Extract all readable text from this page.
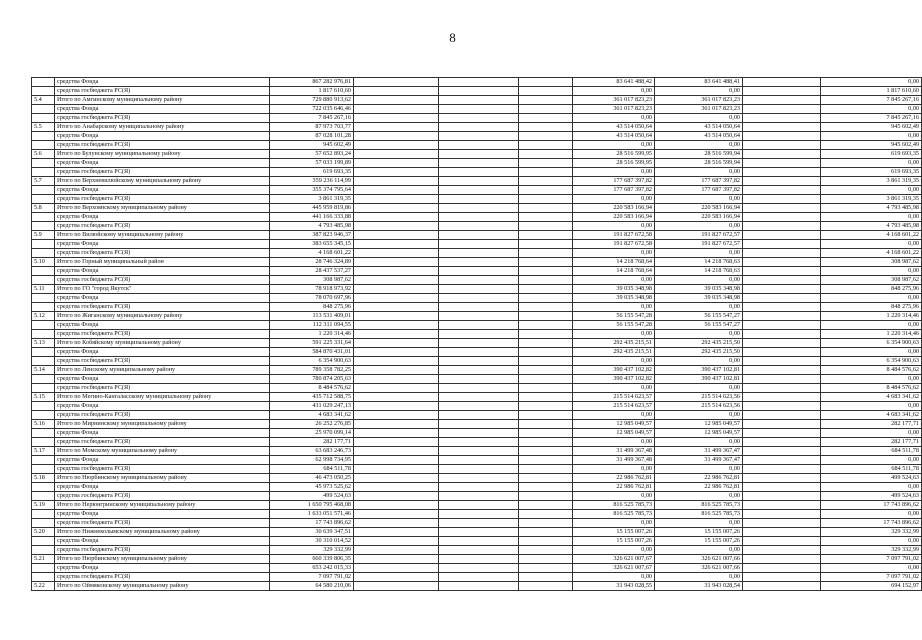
8
	средства Фонда	867 282 976,81				83 641 488,42	83 641 488,41		0,00
	средства госбюджета РС(Я)	1 817 610,60				0,00	0,00		1 817 610,60
5.4	Итого по Амгинскому муниципальному району	729 880 913,62				361 017 823,23	361 017 823,23		7 845 267,16
	средства Фонда	722 035 646,46				361 017 823,23	361 017 823,23		0,00
	средства госбюджета РС(Я)	7 845 267,16				0,00	0,00		7 845 267,16
5.5	Итого по Анабарскому муниципальному району	87 973 703,77				43 514 050,64	43 514 050,64		945 602,49
	средства Фонда	87 028 101,28				43 514 050,64	43 514 050,64		0,00
	средства госбюджета РС(Я)	945 602,49				0,00	0,00		945 602,49
5.6	Итого по Булунскому муниципальному району	57 652 893,24				28 516 599,95	28 516 599,94		619 693,35
	средства Фонда	57 033 199,89				28 516 599,95	28 516 599,94		0,00
	средства госбюджета РС(Я)	619 693,35				0,00	0,00		619 693,35
5.7	Итого по Верхневилюйскому муниципальному району	359 236 114,99				177 687 397,82	177 687 397,82		3 861 319,35
	средства Фонда	355 374 795,64				177 687 397,82	177 687 397,82		0,00
	средства госбюджета РС(Я)	3 861 319,35				0,00	0,00		3 861 319,35
5.8	Итого по Верхоянскому муниципальному району	445 959 819,86				220 583 166,94	220 583 166,94		4 793 485,98
	средства Фонда	441 166 333,88				220 583 166,94	220 583 166,94		0,00
	средства госбюджета РС(Я)	4 793 485,98				0,00	0,00		4 793 485,98
5.9	Итого по Вилюйскому муниципальному району	387 823 946,37				191 827 672,58	191 827 672,57		4 168 601,22
	средства Фонда	383 655 345,15				191 827 672,58	191 827 672,57		0,00
	средства госбюджета РС(Я)	4 168 601,22				0,00	0,00		4 168 601,22
5.10	Итого по Горный муниципальный район	28 746 324,89				14 218 768,64	14 218 768,63		308 987,62
	средства Фонда	28 437 537,27				14 218 768,64	14 218 768,63		0,00
	средства госбюджета РС(Я)	308 987,62				0,00	0,00		308 987,62
5.11	Итого по ГО "город Якутск"	78 918 973,92				39 035 348,98	39 035 348,98		848 275,96
	средства Фонда	78 070 697,96				39 035 348,98	39 035 348,98		0,00
	средства госбюджета РС(Я)	848 275,96				0,00	0,00		848 275,96
5.12	Итого по Жиганскому муниципальному району	113 531 409,01				56 155 547,28	56 155 547,27		1 220 314,46
	средства Фонда	112 311 094,55				56 155 547,28	56 155 547,27		0,00
	средства госбюджета РС(Я)	1 220 314,46				0,00	0,00		1 220 314,46
5.13	Итого по Кобяйскому муниципальному району	591 225 331,64				292 435 215,51	292 435 215,50		6 354 900,63
	средства Фонда	584 870 431,01				292 435 215,51	292 435 215,50		0,00
	средства госбюджета РС(Я)	6 354 900,63				0,00	0,00		6 354 900,63
5.14	Итого по Ленскому муниципальному району	789 358 782,25				390 437 102,82	390 437 102,81		8 484 576,62
	средства Фонда	780 874 205,63				390 437 102,82	390 437 102,81		0,00
	средства госбюджета РС(Я)	8 484 576,62				0,00	0,00		8 484 576,62
5.15	Итого по Мегино-Кангаласскому муниципальному району	435 712 588,75				215 514 623,57	215 514 623,56		4 683 341,62
	средства Фонда	431 029 247,13				215 514 623,57	215 514 623,56		0,00
	средства госбюджета РС(Я)	4 683 341,62				0,00	0,00		4 683 341,62
5.16	Итого по Мирнинскому муниципальному району	26 252 276,85				12 985 049,57	12 985 049,57		282 177,71
	средства Фонда	25 970 099,14				12 985 049,57	12 985 049,57		0,00
	средства госбюджета РС(Я)	282 177,71				0,00	0,00		282 177,71
5.17	Итого по Момскому муниципальному району	63 683 246,73				31 499 367,48	31 499 367,47		684 511,78
	средства Фонда	62 998 734,95				31 499 367,48	31 499 367,47		0,00
	средства госбюджета РС(Я)	684 511,78				0,00	0,00		684 511,78
5.18	Итого по Нюрбинскому муниципальному району	46 473 050,25				22 986 762,81	22 986 762,81		499 524,63
	средства Фонда	45 973 525,62				22 986 762,81	22 986 762,81		0,00
	средства госбюджета РС(Я)	499 524,63				0,00	0,00		499 524,63
5.19	Итого по Нерюнгринскому муниципальному району	1 650 795 468,08				816 525 785,73	816 525 785,73		17 743 896,62
	средства Фонда	1 633 051 571,46				816 525 785,73	816 525 785,73		0,00
	средства госбюджета РС(Я)	17 743 896,62				0,00	0,00		17 743 896,62
5.20	Итого по Нижнеколымскому муниципальному району	30 639 347,51				15 155 007,26	15 155 007,26		329 332,99
	средства Фонда	30 310 014,52				15 155 007,26	15 155 007,26		0,00
	средства госбюджета РС(Я)	329 332,99				0,00	0,00		329 332,99
5.21	Итого по Нюрбинскому муниципальному району	660 339 806,35				326 621 007,67	326 621 007,66		7 097 791,02
	средства Фонда	653 242 015,33				326 621 007,67	326 621 007,66		0,00
	средства госбюджета РС(Я)	7 097 791,02				0,00	0,00		7 097 791,02
5.22	Итого по Оймяконскому муниципальному району	64 580 210,06				31 943 028,55	31 943 028,54		694 152,97
